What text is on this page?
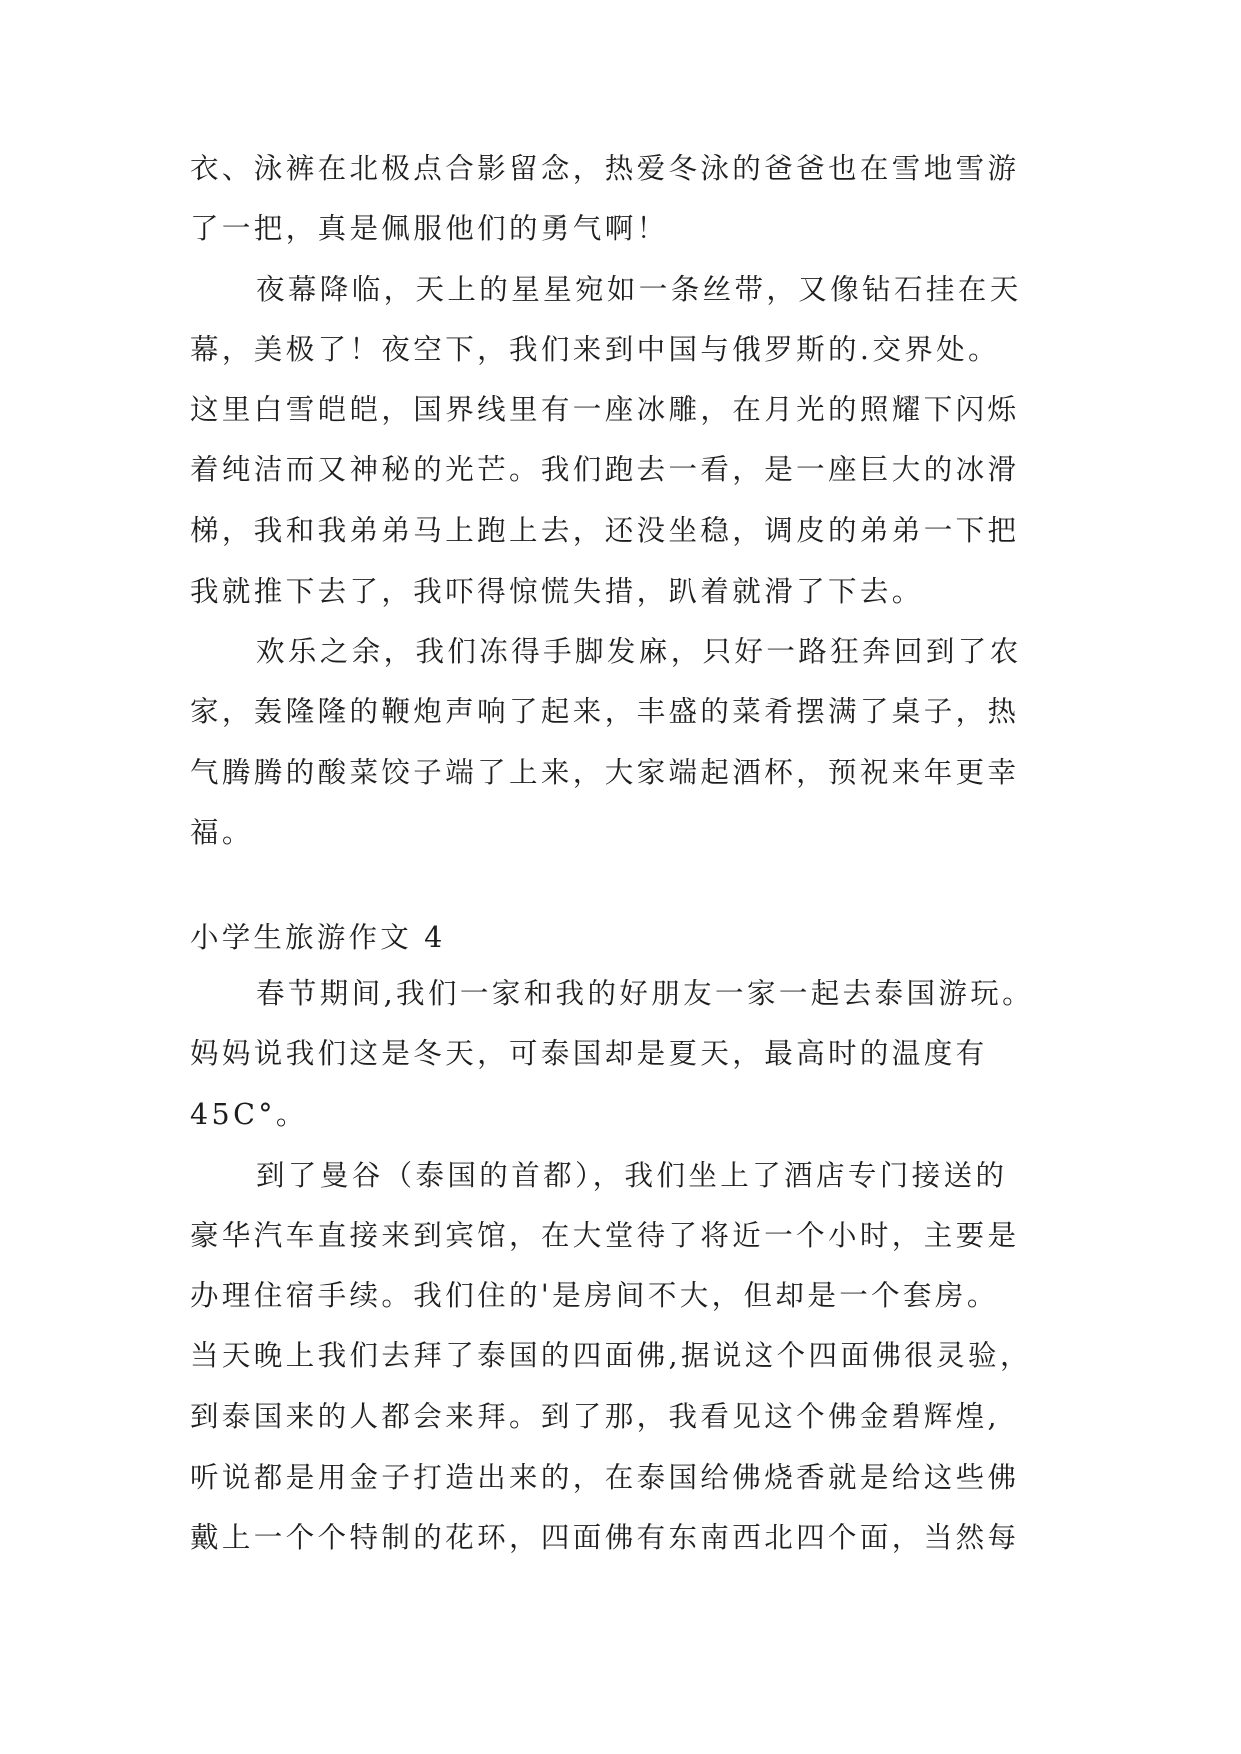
衣、泳裤在北极点合影留念，热爱冬泳的爸爸也在雪地雪游
了一把，真是佩服他们的勇气啊！
夜幕降临，天上的星星宛如一条丝带，又像钻石挂在天
幕，美极了！夜空下，我们来到中国与俄罗斯的.交界处。
这里白雪皑皑，国界线里有一座冰雕，在月光的照耀下闪烁
着纯洁而又神秘的光芒。我们跑去一看，是一座巨大的冰滑
梯，我和我弟弟马上跑上去，还没坐稳，调皮的弟弟一下把
我就推下去了，我吓得惊慌失措，趴着就滑了下去。
欢乐之余，我们冻得手脚发麻，只好一路狂奔回到了农
家，轰隆隆的鞭炮声响了起来，丰盛的菜肴摆满了桌子，热
气腾腾的酸菜饺子端了上来，大家端起酒杯，预祝来年更幸
福。
小学生旅游作文 4
春节期间,我们一家和我的好朋友一家一起去泰国游玩。
妈妈说我们这是冬天，可泰国却是夏天，最高时的温度有
45C°。
到了曼谷（泰国的首都），我们坐上了酒店专门接送的
豪华汽车直接来到宾馆，在大堂待了将近一个小时，主要是
办理住宿手续。我们住的'是房间不大，但却是一个套房。
当天晚上我们去拜了泰国的四面佛,据说这个四面佛很灵验，
到泰国来的人都会来拜。到了那，我看见这个佛金碧辉煌,
听说都是用金子打造出来的，在泰国给佛烧香就是给这些佛
戴上一个个特制的花环，四面佛有东南西北四个面，当然每
